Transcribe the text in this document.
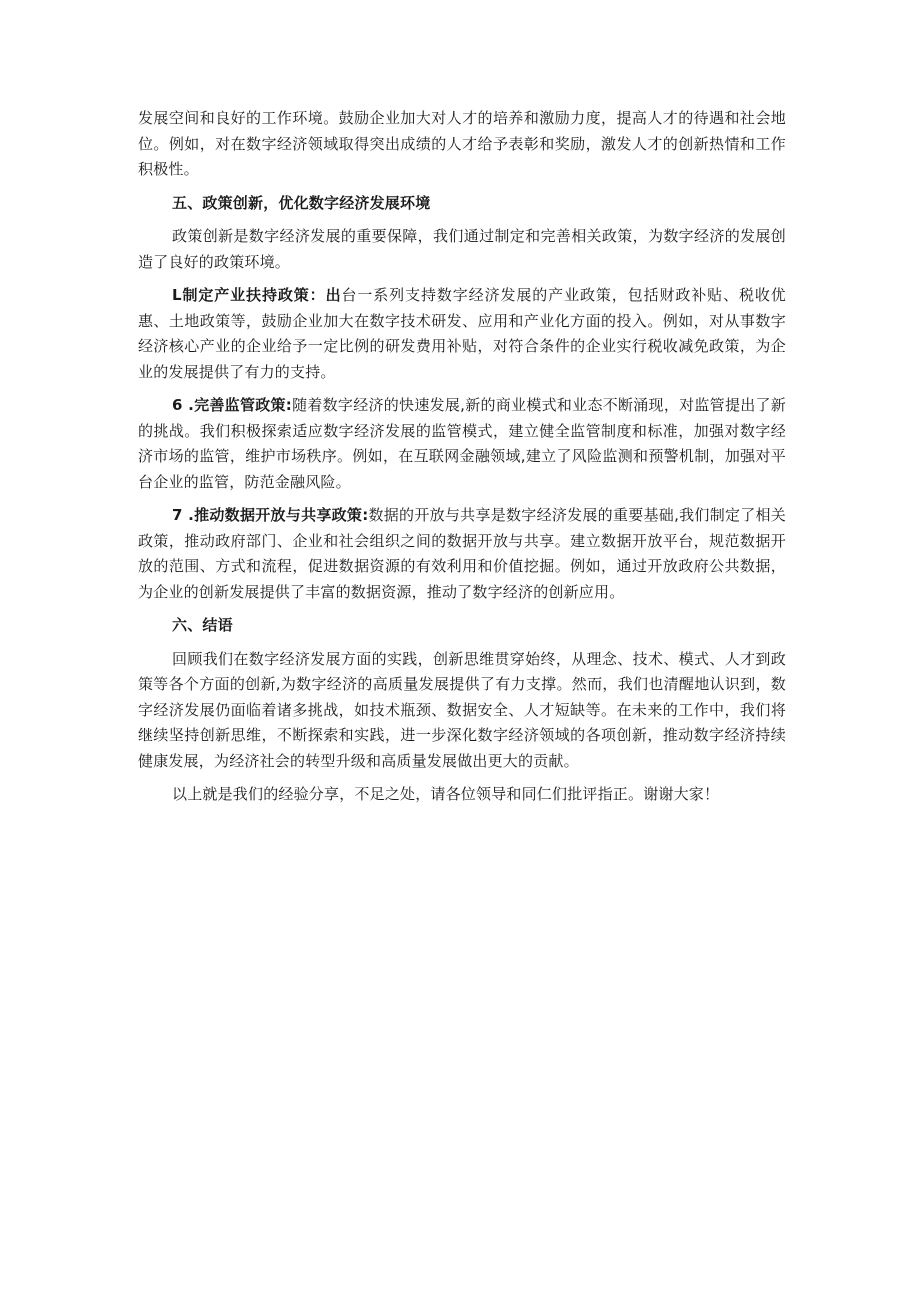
发展空间和良好的工作环境。鼓励企业加大对人才的培养和激励力度，提高人才的待遇和社会地位。例如，对在数字经济领域取得突出成绩的人才给予表彰和奖励，激发人才的创新热情和工作积极性。

五、政策创新，优化数字经济发展环境

政策创新是数字经济发展的重要保障，我们通过制定和完善相关政策，为数字经济的发展创造了良好的政策环境。

L制定产业扶持政策：出台一系列支持数字经济发展的产业政策，包括财政补贴、税收优惠、土地政策等，鼓励企业加大在数字技术研发、应用和产业化方面的投入。例如，对从事数字经济核心产业的企业给予一定比例的研发费用补贴，对符合条件的企业实行税收减免政策，为企业的发展提供了有力的支持。

6 .完善监管政策:随着数字经济的快速发展,新的商业模式和业态不断涌现，对监管提出了新的挑战。我们积极探索适应数字经济发展的监管模式，建立健全监管制度和标准，加强对数字经济市场的监管，维护市场秩序。例如，在互联网金融领域,建立了风险监测和预警机制，加强对平台企业的监管，防范金融风险。

7 .推动数据开放与共享政策:数据的开放与共享是数字经济发展的重要基础,我们制定了相关政策，推动政府部门、企业和社会组织之间的数据开放与共享。建立数据开放平台，规范数据开放的范围、方式和流程，促进数据资源的有效利用和价值挖掘。例如，通过开放政府公共数据，为企业的创新发展提供了丰富的数据资源，推动了数字经济的创新应用。

六、结语

回顾我们在数字经济发展方面的实践，创新思维贯穿始终，从理念、技术、模式、人才到政策等各个方面的创新,为数字经济的高质量发展提供了有力支撑。然而，我们也清醒地认识到，数字经济发展仍面临着诸多挑战，如技术瓶颈、数据安全、人才短缺等。在未来的工作中，我们将继续坚持创新思维，不断探索和实践，进一步深化数字经济领域的各项创新，推动数字经济持续健康发展，为经济社会的转型升级和高质量发展做出更大的贡献。

以上就是我们的经验分享，不足之处，请各位领导和同仁们批评指正。谢谢大家！
